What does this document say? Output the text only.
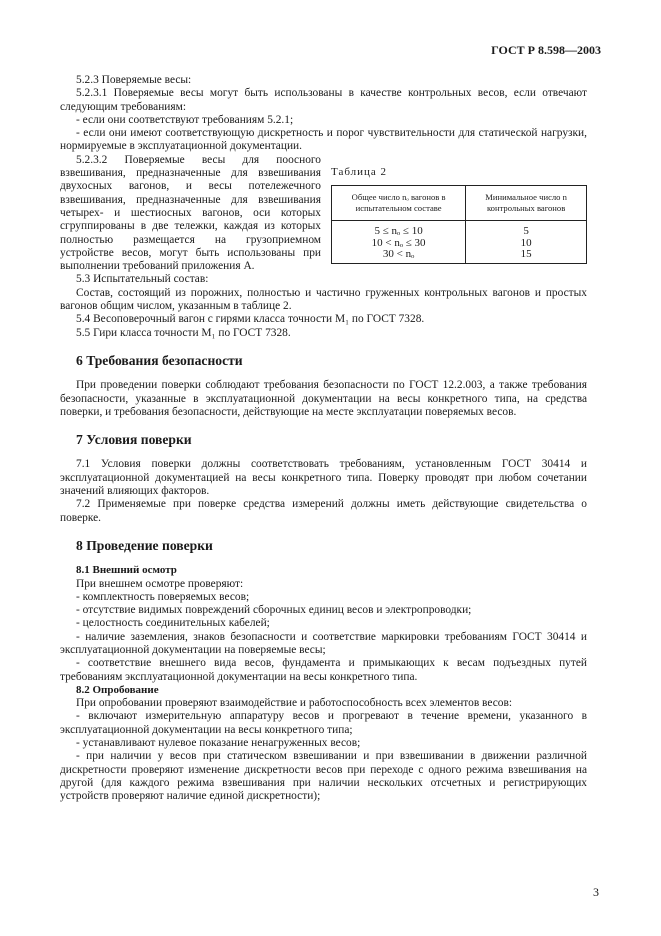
ГОСТ Р 8.598—2003

5.2.3 Поверяемые весы:

5.2.3.1 Поверяемые весы могут быть использованы в качестве контрольных весов, если отвечают следующим требованиям:

- если они соответствуют требованиям 5.2.1;

- если они имеют соответствующую дискретность и порог чувствительности для статической нагрузки, нормируемые в эксплуатационной документации.

Таблица 2
Общее число nₒ вагонов в испытательном составе	Минимальное число n контрольных вагонов
5 ≤ nₒ ≤ 10	5
10 < nₒ ≤ 30	10
30 < nₒ	15

5.2.3.2 Поверяемые весы для поосного взвешивания, предназначенные для взвешивания двухосных вагонов, и весы потележечного взвешивания, предназначенные для взвешивания четырех- и шестиосных вагонов, оси которых сгруппированы в две тележки, каждая из которых полностью размещается на грузоприемном устройстве весов, могут быть использованы при выполнении требований приложения А.

5.3 Испытательный состав:

Состав, состоящий из порожних, полностью и частично груженных контрольных вагонов и простых вагонов общим числом, указанным в таблице 2.

5.4 Весоповерочный вагон с гирями класса точности M₁ по ГОСТ 7328.

5.5 Гири класса точности M₁ по ГОСТ 7328.

6 Требования безопасности

При проведении поверки соблюдают требования безопасности по ГОСТ 12.2.003, а также требования безопасности, указанные в эксплуатационной документации на весы конкретного типа, на средства поверки, и требования безопасности, действующие на месте эксплуатации поверяемых весов.

7 Условия поверки

7.1 Условия поверки должны соответствовать требованиям, установленным ГОСТ 30414 и эксплуатационной документацией на весы конкретного типа. Поверку проводят при любом сочетании значений влияющих факторов.

7.2 Применяемые при поверке средства измерений должны иметь действующие свидетельства о поверке.

8 Проведение поверки
8.1 Внешний осмотр

При внешнем осмотре проверяют:

- комплектность поверяемых весов;

- отсутствие видимых повреждений сборочных единиц весов и электропроводки;

- целостность соединительных кабелей;

- наличие заземления, знаков безопасности и соответствие маркировки требованиям ГОСТ 30414 и эксплуатационной документации на поверяемые весы;

- соответствие внешнего вида весов, фундамента и примыкающих к весам подъездных путей требованиям эксплуатационной документации на весы конкретного типа.

8.2 Опробование

При опробовании проверяют взаимодействие и работоспособность всех элементов весов:

- включают измерительную аппаратуру весов и прогревают в течение времени, указанного в эксплуатационной документации на весы конкретного типа;

- устанавливают нулевое показание ненагруженных весов;

- при наличии у весов при статическом взвешивании и при взвешивании в движении различной дискретности проверяют изменение дискретности весов при переходе с одного режима взвешивания на другой (для каждого режима взвешивания при наличии нескольких отсчетных и регистрирующих устройств проверяют наличие единой дискретности);

3
